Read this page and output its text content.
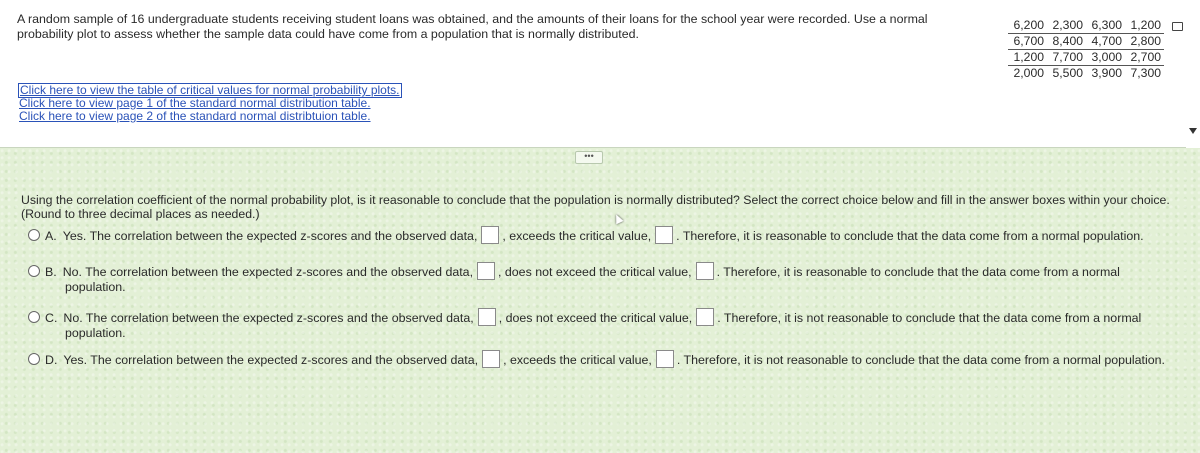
A random sample of 16 undergraduate students receiving student loans was obtained, and the amounts of their loans for the school year were recorded. Use a normal
probability plot to assess whether the sample data could have come from a population that is normally distributed.
6,200 2,300 6,300 1,200
6,700 8,400 4,700 2,800
1,200 7,700 3,000 2,700
2,000 5,500 3,900 7,300
Click here to view the table of critical values for normal probability plots.
Click here to view page 1 of the standard normal distribution table.
Click here to view page 2 of the standard normal distribtuion table.
•••
Using the correlation coefficient of the normal probability plot, is it reasonable to conclude that the population is normally distributed? Select the correct choice below and fill in the answer boxes within your choice.
(Round to three decimal places as needed.)
A. Yes. The correlation between the expected z-scores and the observed data, , exceeds the critical value, . Therefore, it is reasonable to conclude that the data come from a normal population.
B. No. The correlation between the expected z-scores and the observed data, , does not exceed the critical value, . Therefore, it is reasonable to conclude that the data come from a normal
population.
C. No. The correlation between the expected z-scores and the observed data, , does not exceed the critical value, . Therefore, it is not reasonable to conclude that the data come from a normal
population.
D. Yes. The correlation between the expected z-scores and the observed data, , exceeds the critical value, . Therefore, it is not reasonable to conclude that the data come from a normal population.
